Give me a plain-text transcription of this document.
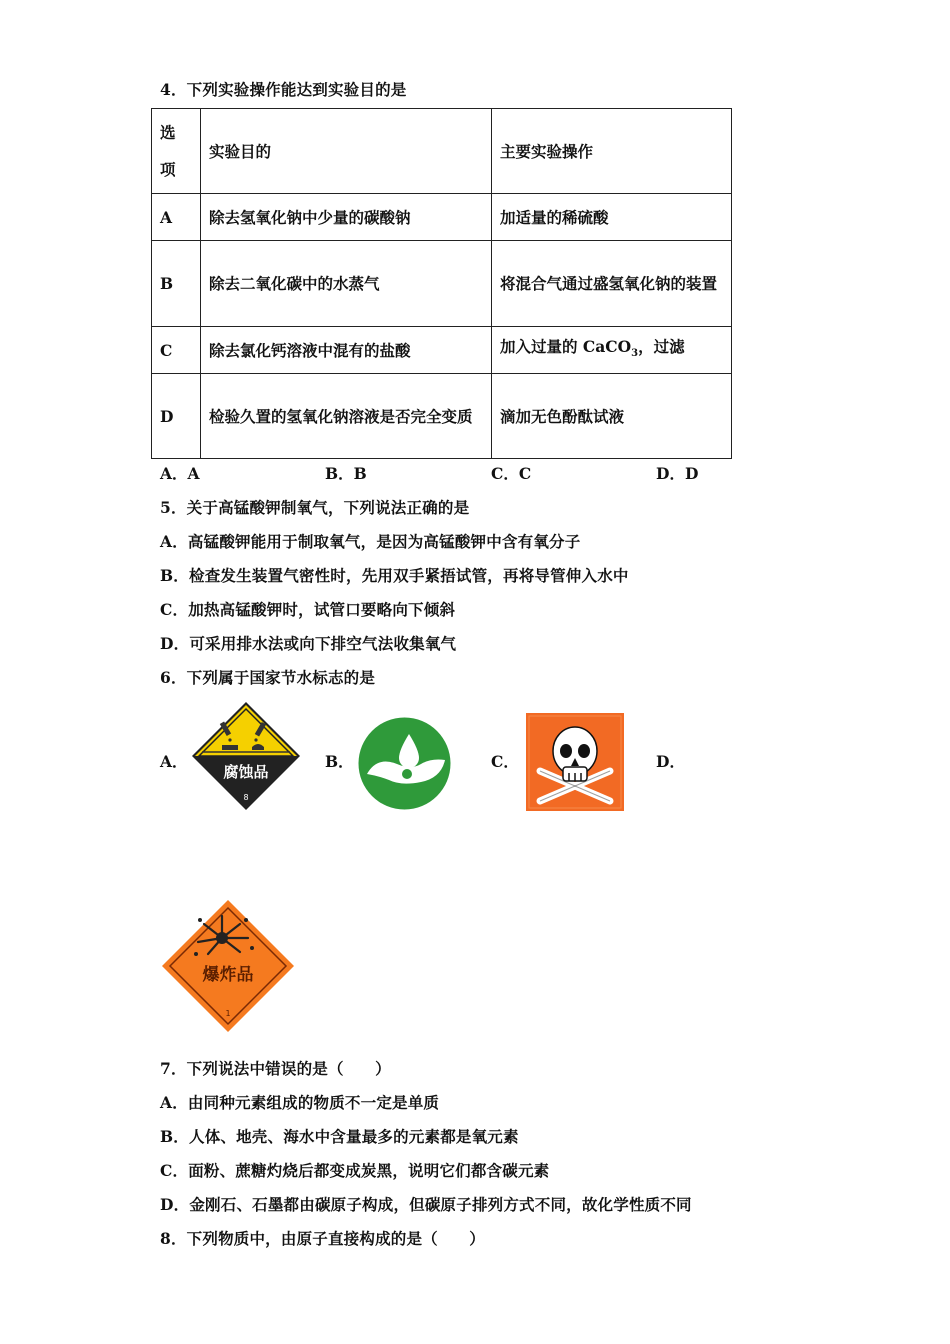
4．下列实验操作能达到实验目的是
选
项	实验目的	主要实验操作
A	除去氢氧化钠中少量的碳酸钠	加适量的稀硫酸
B	除去二氧化碳中的水蒸气	将混合气通过盛氢氧化钠的装置
C	除去氯化钙溶液中混有的盐酸	加入过量的 CaCO$_3$，过滤
D	检验久置的氢氧化钠溶液是否完全变质	滴加无色酚酞试液
A．A	B．B	C．C	D．D
5．关于高锰酸钾制氧气，下列说法正确的是
A．高锰酸钾能用于制取氧气，是因为高锰酸钾中含有氧分子
B．检查发生装置气密性时，先用双手紧捂试管，再将导管伸入水中
C．加热高锰酸钾时，试管口要略向下倾斜
D．可采用排水法或向下排空气法收集氧气
6．下列属于国家节水标志的是
A．	B．	C．	D．
腐蚀品
8
爆炸品
1
7．下列说法中错误的是（　　）
A．由同种元素组成的物质不一定是单质
B．人体、地壳、海水中含量最多的元素都是氧元素
C．面粉、蔗糖灼烧后都变成炭黑，说明它们都含碳元素
D．金刚石、石墨都由碳原子构成，但碳原子排列方式不同，故化学性质不同
8．下列物质中，由原子直接构成的是（　　）
